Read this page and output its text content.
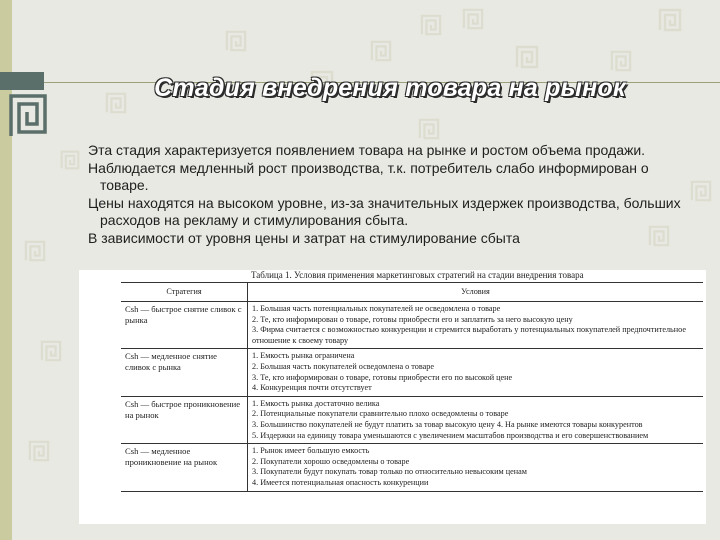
Стадия внедрения товара на рынок

Эта стадия характеризуется появлением товара на рынке и ростом объема продажи.

Наблюдается медленный рост производства, т.к. потребитель слабо информирован о товаре.

Цены находятся на высоком уровне, из-за значительных издержек производства, больших расходов на рекламу и стимулирования сбыта.

В зависимости от уровня цены и затрат на стимулирование сбыта

Таблица 1. Условия применения маркетинговых стратегий на стадии внедрения товара
Стратегия	Условия
Сsh — быстрое снятие сливок с рынка	1. Большая часть потенциальных покупателей не осведомлена о товаре
2. Те, кто информирован о товаре, готовы приобрести его и заплатить за него высокую цену
3. Фирма считается с возможностью конкуренции и стремится выработать у потенциальных покупателей предпочтительное отношение к своему товару

Сsh — медленное снятие сливок с рынка	1. Емкость рынка ограничена
2. Большая часть покупателей осведомлена о товаре
3. Те, кто информирован о товаре, готовы приобрести его по высокой цене
4. Конкуренция почти отсутствует

Сsh — быстрое проникновение на рынок	1. Емкость рынка достаточно велика
2. Потенциальные покупатели сравнительно плохо осведомлены о товаре
3. Большинство покупателей не будут платить за товар высокую цену 4. На рынке имеются товары конкурентов
5. Издержки на единицу товара уменьшаются с увеличением масштабов производства и его совершенствованием

Сsh — медленное проникновение на рынок	1. Рынок имеет большую емкость
2. Покупатели хорошо осведомлены о товаре
3. Покупатели будут покупать товар только по относительно невысоким ценам
4. Имеется потенциальная опасность конкуренции
